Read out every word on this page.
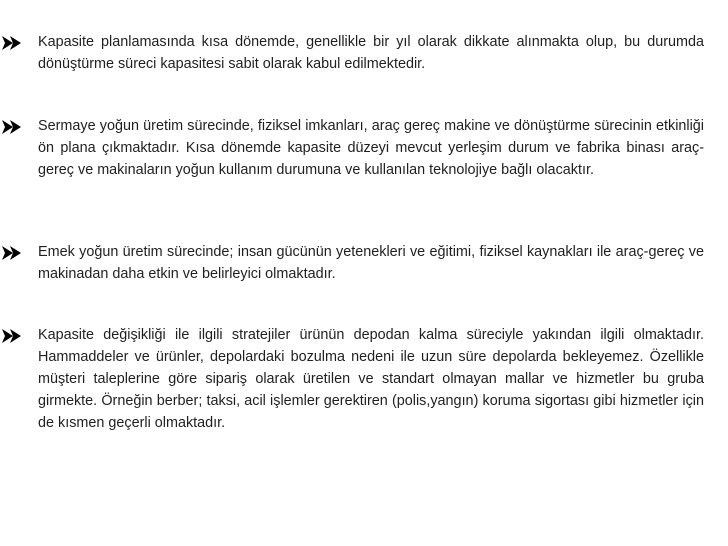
Kapasite planlamasında kısa dönemde, genellikle bir yıl olarak dikkate alınmakta olup, bu durumda dönüştürme süreci kapasitesi sabit olarak kabul edilmektedir.

Sermaye yoğun üretim sürecinde, fiziksel imkanları, araç gereç makine ve dönüştürme sürecinin etkinliği ön plana çıkmaktadır. Kısa dönemde kapasite düzeyi mevcut yerleşim durum ve fabrika binası araç-gereç ve makinaların yoğun kullanım durumuna ve kullanılan teknolojiye bağlı olacaktır.

Emek yoğun üretim sürecinde; insan gücünün yetenekleri ve eğitimi, fiziksel kaynakları ile araç-gereç ve makinadan daha etkin ve belirleyici olmaktadır.

Kapasite değişikliği ile ilgili stratejiler ürünün depodan kalma süreciyle yakından ilgili olmaktadır. Hammaddeler ve ürünler, depolardaki bozulma nedeni ile uzun süre depolarda bekleyemez. Özellikle müşteri taleplerine göre sipariş olarak üretilen ve standart olmayan mallar ve hizmetler bu gruba girmekte. Örneğin berber; taksi, acil işlemler gerektiren (polis,yangın) koruma sigortası gibi hizmetler için de kısmen geçerli olmaktadır.
